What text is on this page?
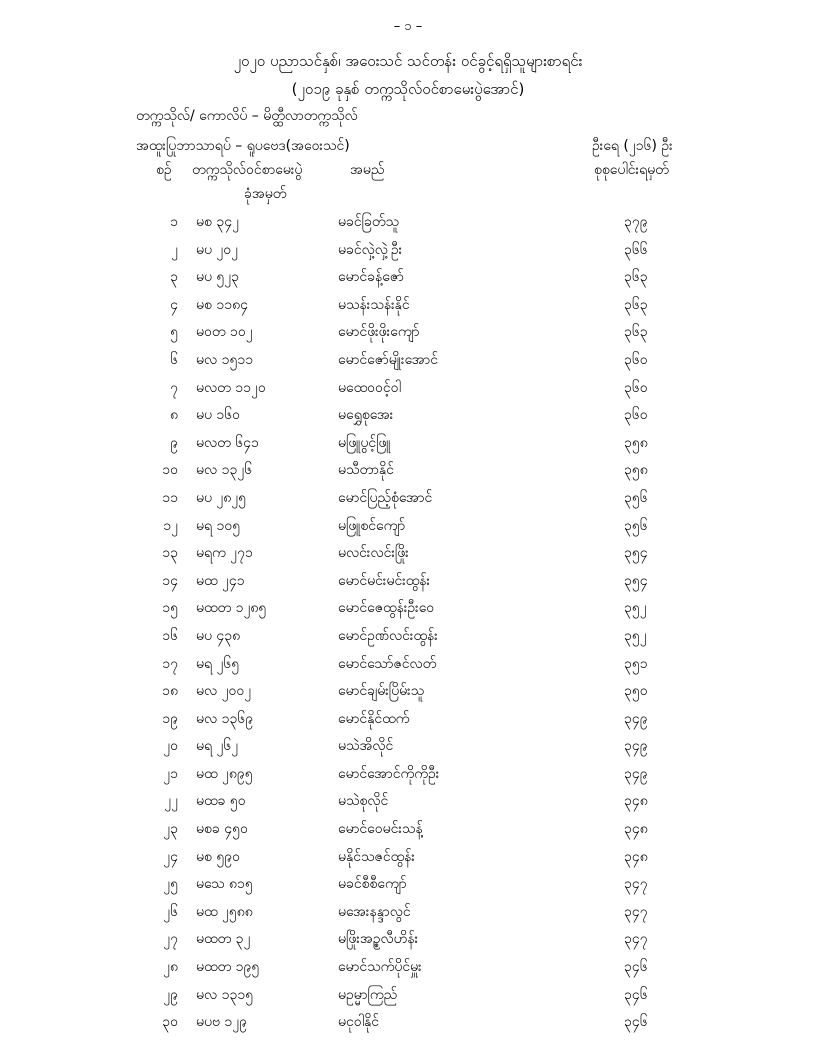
– ၁ –
၂၀၂၀ ပညာသင်နှစ်၊ အဝေးသင် သင်တန်း ဝင်ခွင့်ရရှိသူများစာရင်း
(၂၀၁၉ ခုနှစ် တက္ကသိုလ်ဝင်စာမေးပွဲအောင်)
တက္ကသိုလ်/ ကောလိပ် – မိတ္ထီလာတက္ကသိုလ်
အထူးပြုဘာသာရပ် – ရူပဗေဒ(အဝေးသင်)	ဦးရေ (၂၁၆) ဦး
စဉ် တက္ကသိုလ်ဝင်စာမေးပွဲ
ခုံအမှတ်
အမည်	စုစုပေါင်းရမှတ်
၁ မစ ၃၄၂	မခင်ခြတ်သူ	၃၇၉
၂ မပ ၂၀၂	မခင်လှဲ့လှဲ့ဦး	၃၆၆
၃ မပ ၅၂၃	မောင်ခန့်ဇော်	၃၆၃
၄ မစ ၁၁၈၄	မသန်းသန်းနိုင်	၃၆၃
၅ မဝတ ၁၀၂	မောင်ဖိုးဖိုးကျော်	၃၆၃
၆ မလ ၁၅၁၁	မောင်ဇော်မျိုးအောင်	၃၆၀
၇ မလတ ၁၁၂၀	မထေဝဝင့်ဝါ	၃၆၀
၈ မပ ၁၆၀	မရွှေစုအေး	၃၆၀
၉ မလတ ၆၄၁	မဖြူပွင့်ဖြူ	၃၅၈
၁၀ မလ ၁၃၂၆	မသီတာနိုင်	၃၅၈
၁၁ မပ ၂၈၂၅	မောင်ပြည့်စုံအောင်	၃၅၆
၁၂ မရ ၁၀၅	မဖြူစင်ကျော်	၃၅၆
၁၃ မရက ၂၇၁	မလင်းလင်းဖြိုး	၃၅၄
၁၄ မထ ၂၄၁	မောင်မင်းမင်းထွန်း	၃၅၄
၁၅ မထတ ၁၂၈၅	မောင်ဇေထွန်းဦးဝေ	၃၅၂
၁၆ မပ ၄၃၈	မောင်ဥဏ်လင်းထွန်း	၃၅၂
၁၇ မရ ၂၆၅	မောင်သော်ဇင်လတ်	၃၅၁
၁၈ မလ ၂၀၀၂	မောင်ချမ်းပြိမ်းသူ	၃၅၀
၁၉ မလ ၁၃၆၉	မောင်နိုင်ထက်	၃၄၉
၂၀ မရ ၂၆၂	မသဲအိလိုင်	၃၄၉
၂၁ မထ ၂၈၉၅	မောင်အောင်ကိုကိုဦး	၃၄၉
၂၂ မထခ ၅၀	မသဲစုလိုင်	၃၄၈
၂၃ မစခ ၄၅၀	မောင်ဝေမင်းသန့်	၃၄၈
၂၄ မစ ၅၉၀	မနိုင်သဇင်ထွန်း	၃၄၈
၂၅ မသေ ၈၁၅	မခင်စီစီကျော်	၃၄၇
၂၆ မထ ၂၅၈၈	မအေးနန္ဒာလွင်	၃၄၇
၂၇ မထတ ၃၂	မဖြိုးအဥ္စလီဟိန်း	၃၄၇
၂၈ မထတ ၁၉၅	မောင်သက်ပိုင်မှူး	၃၄၆
၂၉ မလ ၁၃၁၅	မဥမ္မာကြည်	၃၄၆
၃၀ မပဗ ၁၂၉	မငုဝါနိုင်	၃၄၆
